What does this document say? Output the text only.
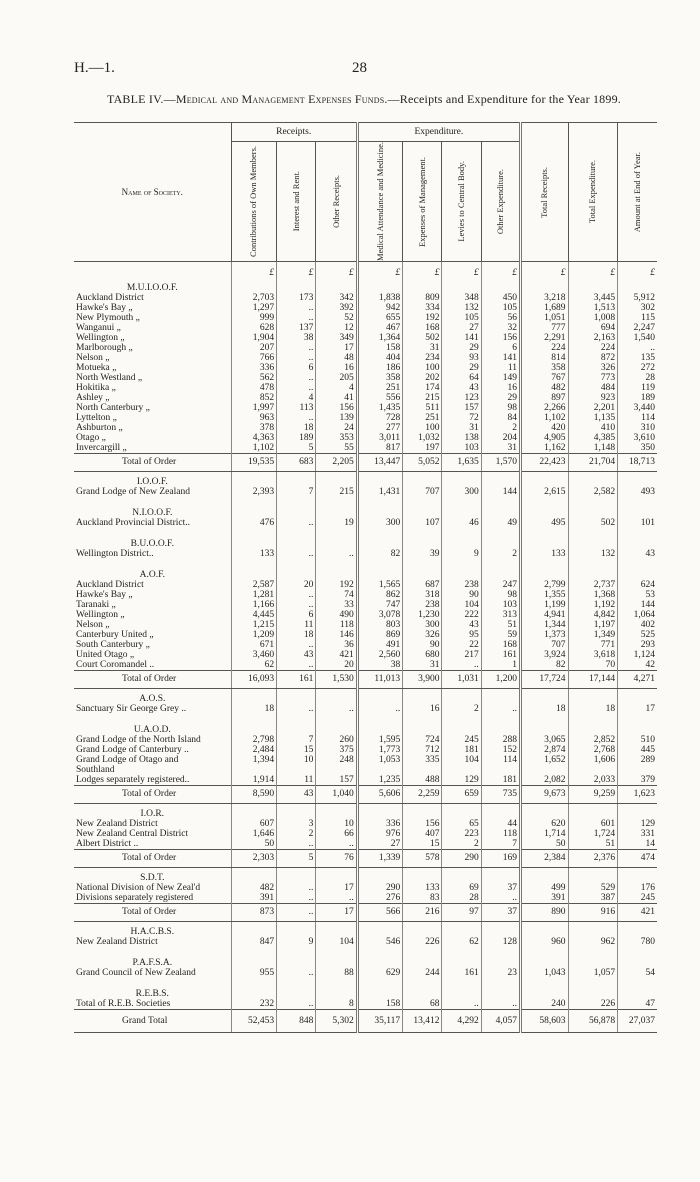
H.—1.	28
TABLE IV.—Medical and Management Expenses Funds.—Receipts and Expenditure for the Year 1899.
Name of Society.	Receipts.			Expenditure.				Total Receipts.	Total Expenditure.	Amount at End of Year.

	Contributions of Own Members.	Interest and Rent.	Other Receipts.	Medical Attendance and Medicine.	Expenses of Management.	Levies to Central Body.	Other Expenditure.			

	£	£	£	£	£	£	£	£	£	£
M.U.I.O.O.F.										
Auckland District	2,703	173	342	1,838	809	348	450	3,218	3,445	5,912
Hawke's Bay „	1,297	..	392	942	334	132	105	1,689	1,513	302
New Plymouth „	999	..	52	655	192	105	56	1,051	1,008	115
Wanganui „	628	137	12	467	168	27	32	777	694	2,247
Wellington „	1,904	38	349	1,364	502	141	156	2,291	2,163	1,540
Marlborough „	207	..	17	158	31	29	6	224	224	..
Nelson „	766	..	48	404	234	93	141	814	872	135
Motueka „	336	6	16	186	100	29	11	358	326	272
North Westland „	562	..	205	358	202	64	149	767	773	28
Hokitika „	478	..	4	251	174	43	16	482	484	119
Ashley „	852	4	41	556	215	123	29	897	923	189
North Canterbury „	1,997	113	156	1,435	511	157	98	2,266	2,201	3,440
Lyttelton „	963	..	139	728	251	72	84	1,102	1,135	114
Ashburton „	378	18	24	277	100	31	2	420	410	310
Otago „	4,363	189	353	3,011	1,032	138	204	4,905	4,385	3,610
Invercargill „	1,102	5	55	817	197	103	31	1,162	1,148	350
Total of Order	19,535	683	2,205	13,447	5,052	1,635	1,570	22,423	21,704	18,713
I.O.O.F.										
Grand Lodge of New Zealand	2,393	7	215	1,431	707	300	144	2,615	2,582	493

N.I.O.O.F.										
Auckland Provincial District..	476	..	19	300	107	46	49	495	502	101

B.U.O.O.F.										
Wellington District..	133	..	..	82	39	9	2	133	132	43

A.O.F.										
Auckland District	2,587	20	192	1,565	687	238	247	2,799	2,737	624
Hawke's Bay „	1,281	..	74	862	318	90	98	1,355	1,368	53
Taranaki „	1,166	..	33	747	238	104	103	1,199	1,192	144
Wellington „	4,445	6	490	3,078	1,230	222	313	4,941	4,842	1,064
Nelson „	1,215	11	118	803	300	43	51	1,344	1,197	402
Canterbury United „	1,209	18	146	869	326	95	59	1,373	1,349	525
South Canterbury „	671	..	36	491	90	22	168	707	771	293
United Otago „	3,460	43	421	2,560	680	217	161	3,924	3,618	1,124
Court Coromandel ..	62	..	20	38	31	..	1	82	70	42
Total of Order	16,093	161	1,530	11,013	3,900	1,031	1,200	17,724	17,144	4,271
A.O.S.										
Sanctuary Sir George Grey ..	18	..	..	..	16	2	..	18	18	17

U.A.O.D.										
Grand Lodge of the North Island	2,798	7	260	1,595	724	245	288	3,065	2,852	510
Grand Lodge of Canterbury ..	2,484	15	375	1,773	712	181	152	2,874	2,768	445
Grand Lodge of Otago and	1,394	10	248	1,053	335	104	114	1,652	1,606	289
Southland										
Lodges separately registered..	1,914	11	157	1,235	488	129	181	2,082	2,033	379
Total of Order	8,590	43	1,040	5,606	2,259	659	735	9,673	9,259	1,623
I.O.R.										
New Zealand District	607	3	10	336	156	65	44	620	601	129
New Zealand Central District	1,646	2	66	976	407	223	118	1,714	1,724	331
Albert District ..	50	..	..	27	15	2	7	50	51	14
Total of Order	2,303	5	76	1,339	578	290	169	2,384	2,376	474
S.D.T.										
National Division of New Zeal'd	482	..	17	290	133	69	37	499	529	176
Divisions separately registered	391	..	..	276	83	28	..	391	387	245
Total of Order	873	..	17	566	216	97	37	890	916	421
H.A.C.B.S.										
New Zealand District	847	9	104	546	226	62	128	960	962	780

P.A.F.S.A.										
Grand Council of New Zealand	955	..	88	629	244	161	23	1,043	1,057	54

R.E.B.S.										
Total of R.E.B. Societies	232	..	8	158	68	..	..	240	226	47
Grand Total	52,453	848	5,302	35,117	13,412	4,292	4,057	58,603	56,878	27,037
